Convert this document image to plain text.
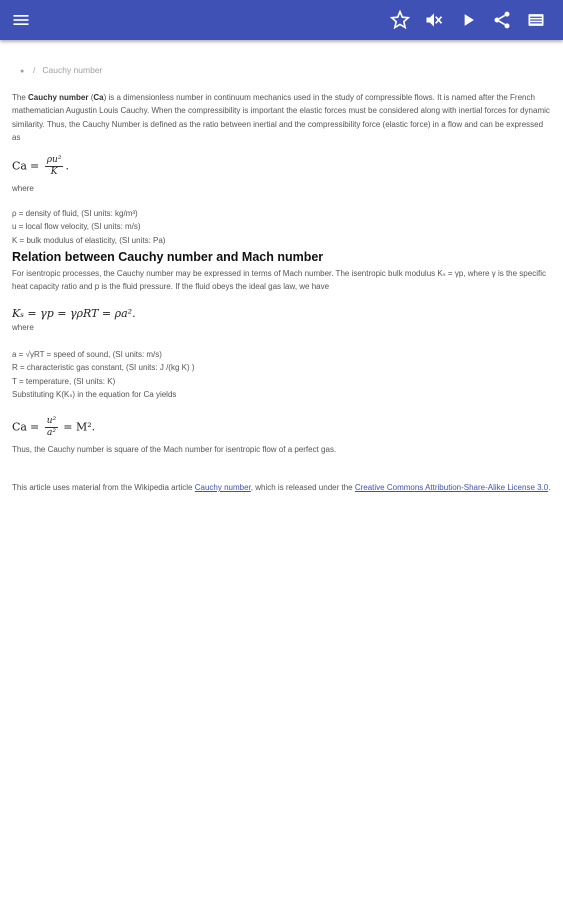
● / Cauchy number

The Cauchy number (Ca) is a dimensionless number in continuum mechanics used in the study of compressible flows. It is named after the French mathematician Augustin Louis Cauchy. When the compressibility is important the elastic forces must be considered along with inertial forces for dynamic similarity. Thus, the Cauchy Number is defined as the ratio between inertial and the compressibility force (elastic force) in a flow and can be expressed as

$Ca = \frac{\text{ρu²}}{K}$ .
where
ρ = density of fluid, (SI units: kg/m³)
u = local flow velocity, (SI units: m/s)
K = bulk modulus of elasticity, (SI units: Pa)
Relation between Cauchy number and Mach number

For isentropic processes, the Cauchy number may be expressed in terms of Mach number. The isentropic bulk modulus Kₛ = γp, where γ is the specific heat capacity ratio and p is the fluid pressure. If the fluid obeys the ideal gas law, we have

Kₛ = γp = γρRT = ρa².
where
a = √γRT = speed of sound, (SI units: m/s)
R = characteristic gas constant, (SI units: J /(kg K) )
T = temperature, (SI units: K)
Substituting K(Kₛ) in the equation for Ca yields
$Ca = \frac{\text{u²}}{\text{a²}} = M^2$.
Thus, the Cauchy number is square of the Mach number for isentropic flow of a perfect gas.

This article uses material from the Wikipedia article Cauchy number, which is released under the Creative Commons Attribution-Share-Alike License 3.0.
